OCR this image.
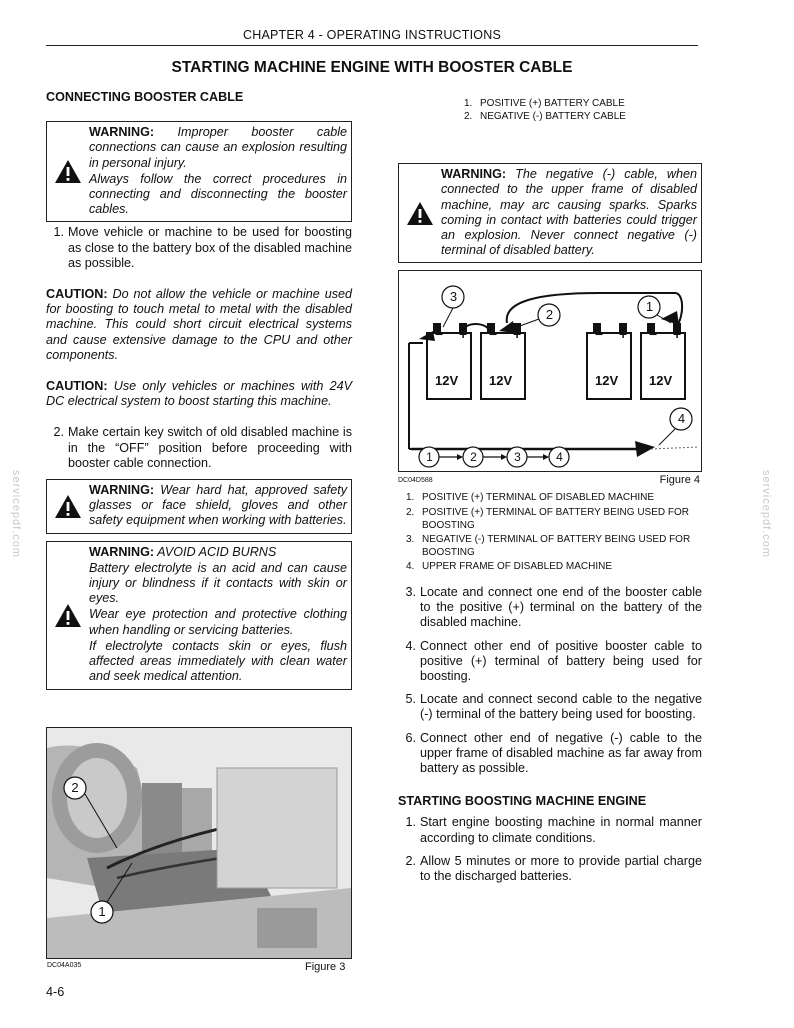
CHAPTER 4 - OPERATING INSTRUCTIONS
STARTING MACHINE ENGINE WITH BOOSTER CABLE
servicepdf.com	servicepdf.com
CONNECTING BOOSTER CABLE

WARNING: Improper booster cable connections can cause an explosion resulting in personal injury.

Always follow the correct procedures in connecting and disconnecting the booster cables.

1. Move vehicle or machine to be used for boosting as close to the battery box of the disabled machine as possible.
CAUTION: Do not allow the vehicle or machine used for boosting to touch metal to metal with the disabled machine. This could short circuit electrical systems and cause extensive damage to the CPU and other components.
CAUTION: Use only vehicles or machines with 24V DC electrical system to boost starting this machine.
2. Make certain key switch of old disabled machine is in the “OFF” position before proceeding with booster cable connection.

WARNING: Wear hard hat, approved safety glasses or face shield, gloves and other safety equipment when working with batteries.

WARNING: AVOID ACID BURNS

Battery electrolyte is an acid and can cause injury or blindness if it contacts with skin or eyes.

Wear eye protection and protective clothing when handling or servicing batteries.

If electrolyte contacts skin or eyes, flush affected areas immediately with clean water and seek medical attention.

2
1
DC04A035	Figure 3
4-6
1. POSITIVE (+) BATTERY CABLE
2. NEGATIVE (-) BATTERY CABLE

WARNING: The negative (-) cable, when connected to the upper frame of disabled machine, may arc causing sparks. Sparks coming in contact with batteries could trigger an explosion. Never connect negative (-) terminal of disabled battery.

− + − +	− + − +
12V 12V	12V 12V
3
2
1
4
1	2	3	4
DC04D588	Figure 4
1. POSITIVE (+) TERMINAL OF DISABLED MACHINE
2. POSITIVE (+) TERMINAL OF BATTERY BEING USED FOR BOOSTING
3. NEGATIVE (-) TERMINAL OF BATTERY BEING USED FOR BOOSTING
4. UPPER FRAME OF DISABLED MACHINE
3. Locate and connect one end of the booster cable to the positive (+) terminal on the battery of the disabled machine.
4. Connect other end of positive booster cable to positive (+) terminal of battery being used for boosting.
5. Locate and connect second cable to the negative (-) terminal of the battery being used for boosting.
6. Connect other end of negative (-) cable to the upper frame of disabled machine as far away from battery as possible.
STARTING BOOSTING MACHINE ENGINE
1. Start engine boosting machine in normal manner according to climate conditions.
2. Allow 5 minutes or more to provide partial charge to the discharged batteries.
